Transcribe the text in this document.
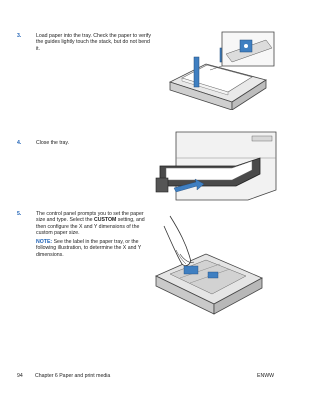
3.	Load paper into the tray. Check the paper to verify the guides lightly touch the stack, but do not bend it.
4.	Close the tray.
5.	The control panel prompts you to set the paper size and type. Select the CUSTOM setting, and then configure the X and Y dimensions of the custom paper size.
NOTE: See the label in the paper tray, or the following illustration, to determine the X and Y dimensions.
94 Chapter 6 Paper and print media	ENWW
